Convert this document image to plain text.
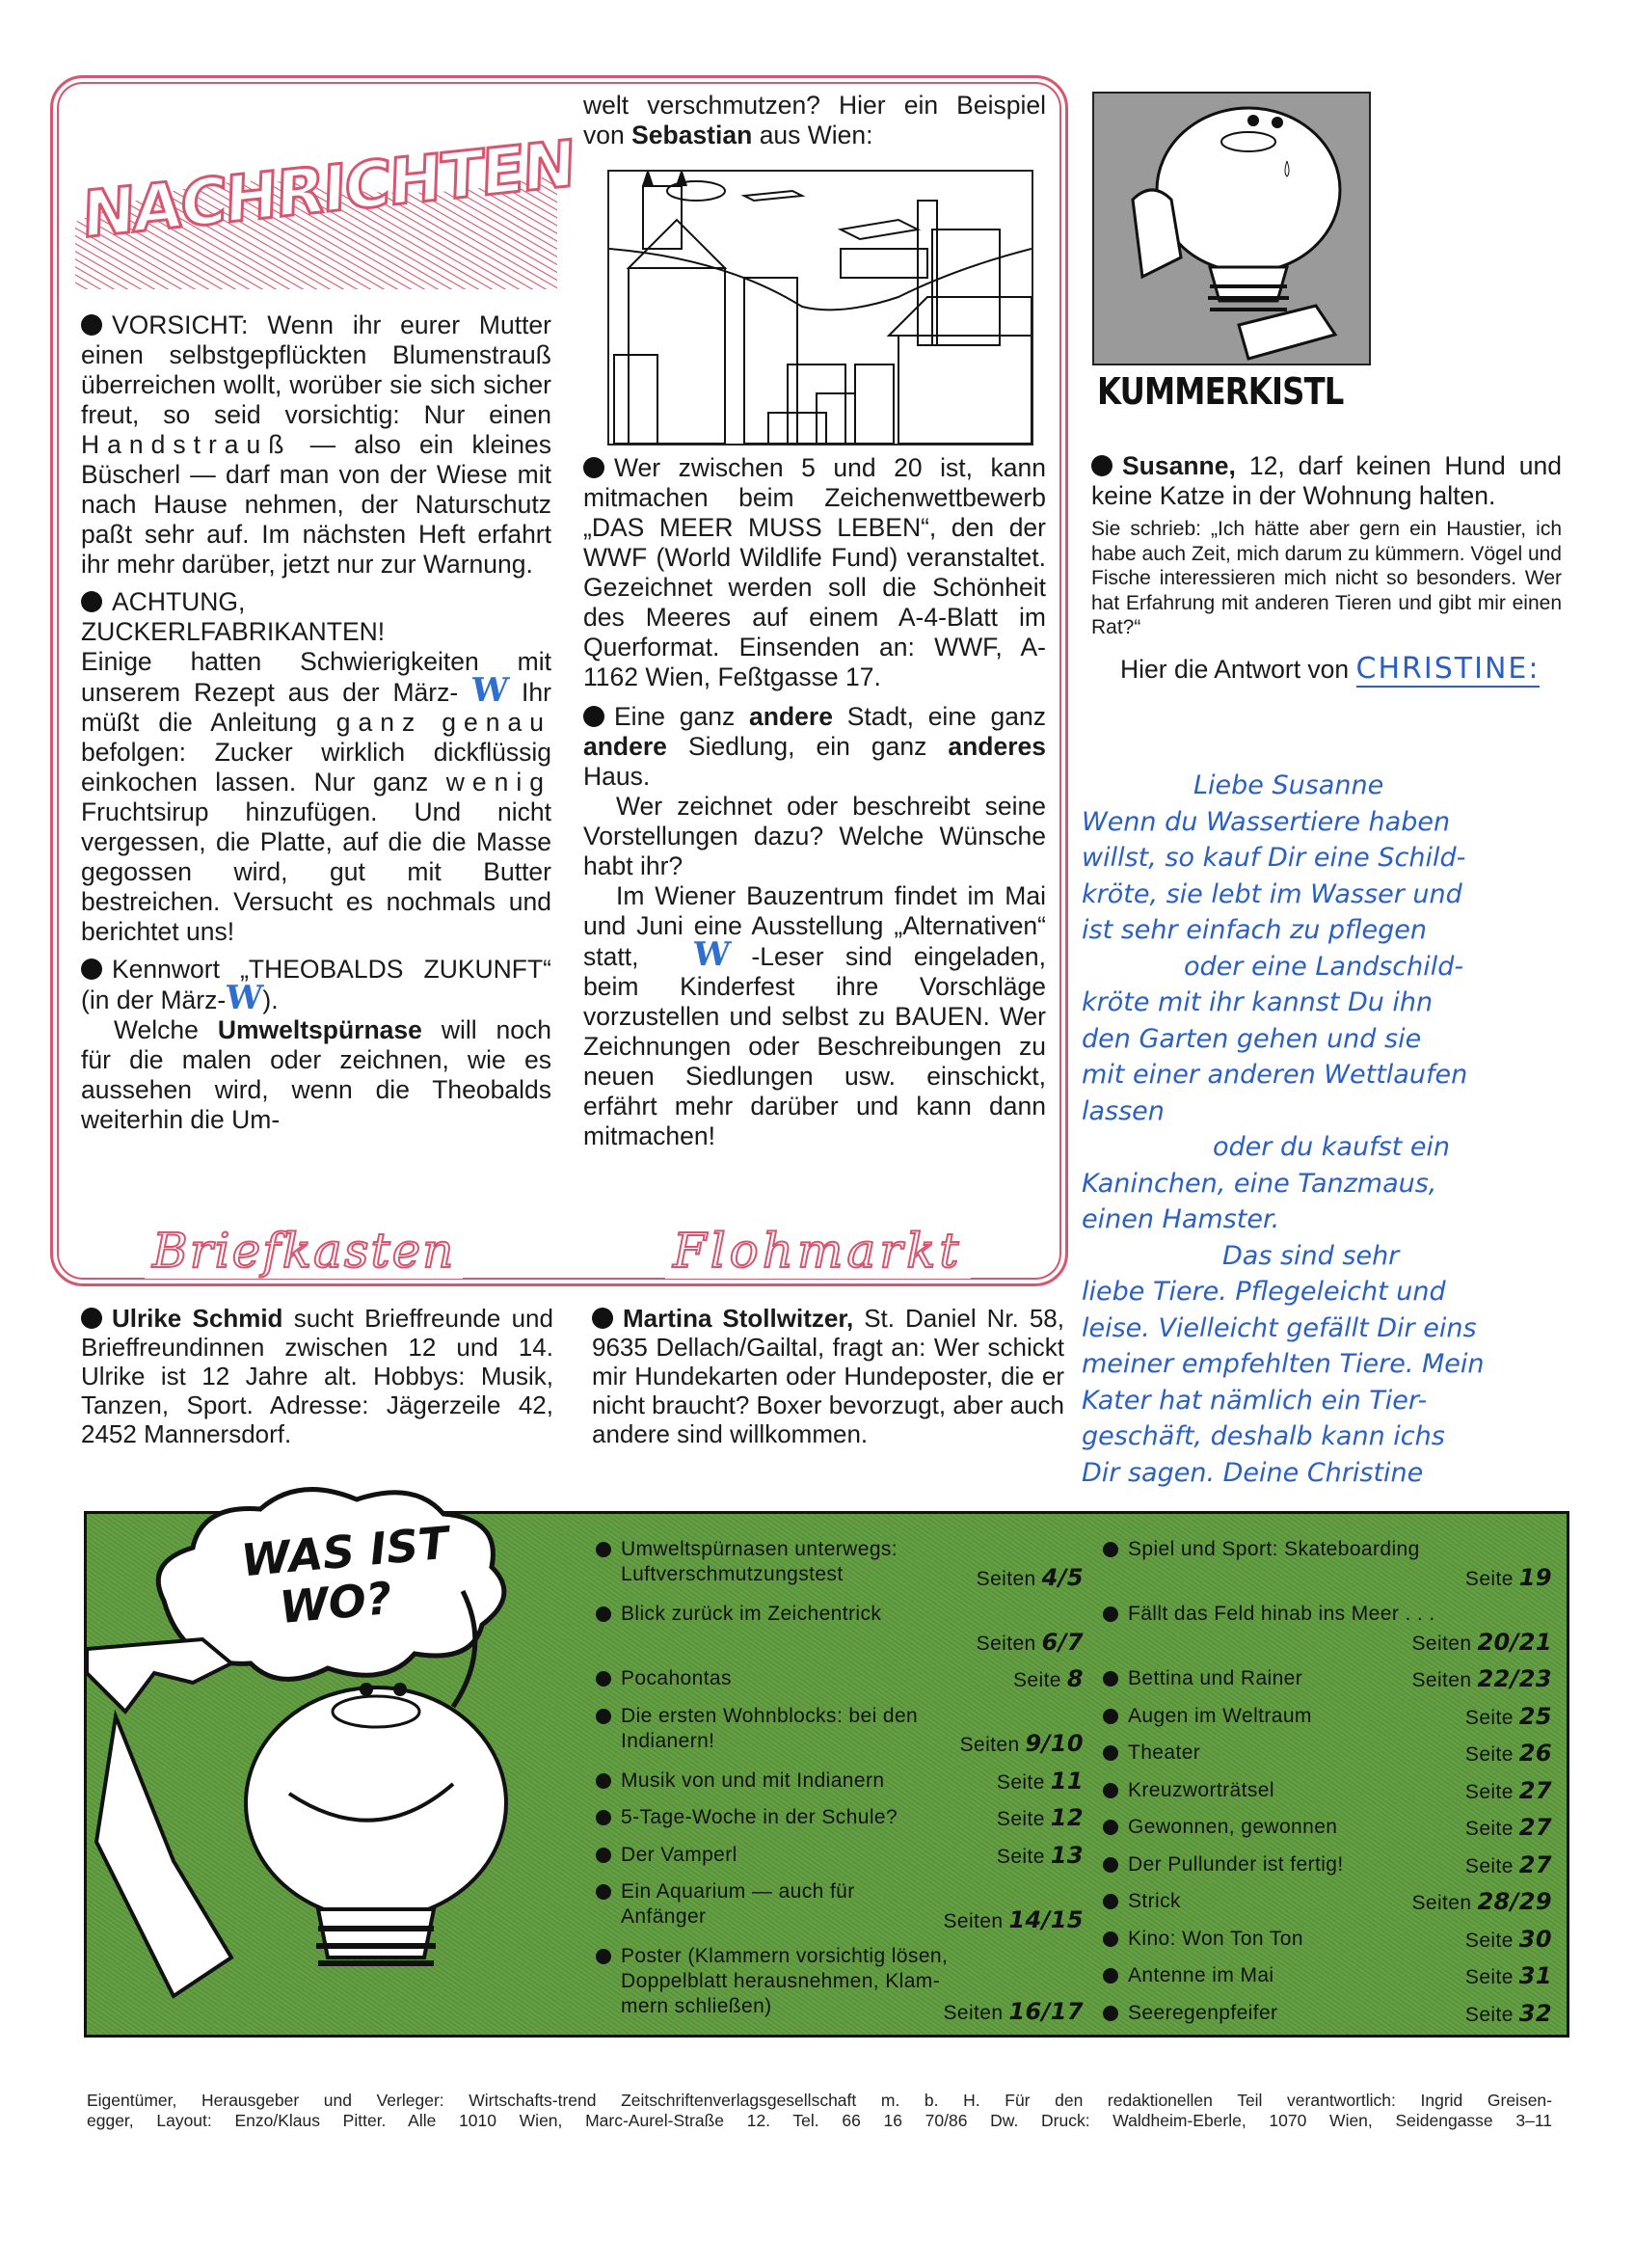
NACHRICHTEN

VORSICHT: Wenn ihr eurer Mutter einen selbstgepflückten Blumenstrauß überreichen wollt, worüber sie sich sicher freut, so seid vorsichtig: Nur einen Handstrauß — also ein kleines Büscherl — darf man von der Wiese mit nach Hause nehmen, der Naturschutz paßt sehr auf. Im nächsten Heft erfahrt ihr mehr darüber, jetzt nur zur Warnung.

ACHTUNG, ZUCKERLFABRIKANTEN!

Einige hatten Schwierigkeiten mit unserem Rezept aus der März- W Ihr müßt die Anleitung ganz genau befolgen: Zucker wirklich dickflüssig einkochen lassen. Nur ganz wenig Fruchtsirup hinzufügen. Und nicht vergessen, die Platte, auf die die Masse gegossen wird, gut mit Butter bestreichen. Versucht es nochmals und berichtet uns!

Kennwort „THEOBALDS ZUKUNFT“ (in der März-W).

Welche Umweltspürnase will noch für die malen oder zeichnen, wie es aussehen wird, wenn die Theobalds weiterhin die Um-

welt verschmutzen? Hier ein Beispiel von Sebastian aus Wien:

Wer zwischen 5 und 20 ist, kann mitmachen beim Zeichenwettbewerb „DAS MEER MUSS LEBEN“, den der WWF (World Wildlife Fund) veranstaltet. Gezeichnet werden soll die Schönheit des Meeres auf einem A-4-Blatt im Querformat. Einsenden an: WWF, A-1162 Wien, Feßtgasse 17.

Eine ganz andere Stadt, eine ganz andere Siedlung, ein ganz anderes Haus.

Wer zeichnet oder beschreibt seine Vorstellungen dazu? Welche Wünsche habt ihr?

Im Wiener Bauzentrum findet im Mai und Juni eine Ausstellung „Alternativen“ statt, W -Leser sind eingeladen, beim Kinderfest ihre Vorschläge vorzustellen und selbst zu BAUEN. Wer Zeichnungen oder Beschreibungen zu neuen Siedlungen usw. einschickt, erfährt mehr darüber und kann dann mitmachen!

Briefkasten	Flohmarkt

Ulrike Schmid sucht Brieffreunde und Brieffreundinnen zwischen 12 und 14. Ulrike ist 12 Jahre alt. Hobbys: Musik, Tanzen, Sport. Adresse: Jägerzeile 42, 2452 Mannersdorf.

Martina Stollwitzer, St. Daniel Nr. 58, 9635 Dellach/Gailtal, fragt an: Wer schickt mir Hundekarten oder Hundeposter, die er nicht braucht? Boxer bevorzugt, aber auch andere sind willkommen.

KUMMERKISTL

Susanne, 12, darf keinen Hund und keine Katze in der Wohnung halten.

Sie schrieb: „Ich hätte aber gern ein Haustier, ich habe auch Zeit, mich darum zu kümmern. Vögel und Fische interessieren mich nicht so besonders. Wer hat Erfahrung mit anderen Tieren und gibt mir einen Rat?“

Hier die Antwort von CHRISTINE:

Liebe Susanne
Wenn du Wassertiere haben
willst, so kauf Dir eine Schild-
kröte, sie lebt im Wasser und
ist sehr einfach zu pflegen
oder eine Landschild-
kröte mit ihr kannst Du ihn
den Garten gehen und sie
mit einer anderen Wettlaufen
lassen
oder du kaufst ein
Kaninchen, eine Tanzmaus,
einen Hamster.
Das sind sehr
liebe Tiere. Pflegeleicht und
leise. Vielleicht gefällt Dir eins
meiner empfehlten Tiere. Mein
Kater hat nämlich ein Tier-
geschäft, deshalb kann ichs
Dir sagen. Deine Christine
WAS IST
WO?
Umweltspürnasen unterwegs:
Luftverschmutzungstest	Seiten 4/5
Blick zurück im Zeichentrick
Seiten 6/7
Pocahontas	Seite 8
Die ersten Wohnblocks: bei den
Indianern!	Seiten 9/10
Musik von und mit Indianern	Seite 11
5-Tage-Woche in der Schule?	Seite 12
Der Vamperl	Seite 13
Ein Aquarium — auch für
Anfänger	Seiten 14/15
Poster (Klammern vorsichtig lösen,
Doppelblatt herausnehmen, Klam-
mern schließen)	Seiten 16/17
Spiel und Sport: Skateboarding
Seite 19
Fällt das Feld hinab ins Meer . . .
Seiten 20/21
Bettina und Rainer	Seiten 22/23
Augen im Weltraum	Seite 25
Theater	Seite 26
Kreuzworträtsel	Seite 27
Gewonnen, gewonnen	Seite 27
Der Pullunder ist fertig!	Seite 27
Strick	Seiten 28/29
Kino: Won Ton Ton	Seite 30
Antenne im Mai	Seite 31
Seeregenpfeifer	Seite 32
Eigentümer, Herausgeber und Verleger: Wirtschafts-trend Zeitschriftenverlagsgesellschaft m. b. H. Für den redaktionellen Teil verantwortlich: Ingrid Greisen-
egger, Layout: Enzo/Klaus Pitter. Alle 1010 Wien, Marc-Aurel-Straße 12. Tel. 66 16 70/86 Dw. Druck: Waldheim-Eberle, 1070 Wien, Seidengasse 3–11
